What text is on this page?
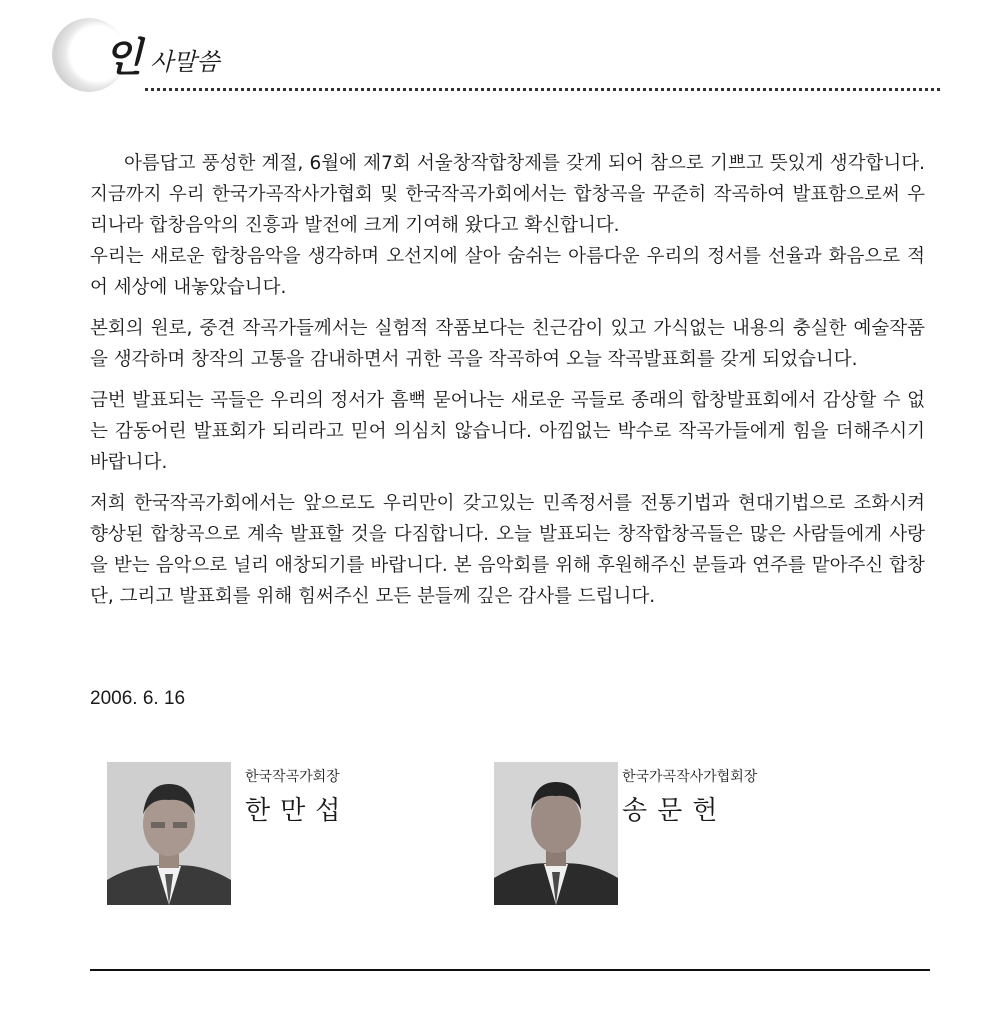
인 사말씀

아름답고 풍성한 계절, 6월에 제7회 서울창작합창제를 갖게 되어 참으로 기쁘고 뜻있게 생각합니다. 지금까지 우리 한국가곡작사가협회 및 한국작곡가회에서는 합창곡을 꾸준히 작곡하여 발표함으로써 우리나라 합창음악의 진흥과 발전에 크게 기여해 왔다고 확신합니다.

우리는 새로운 합창음악을 생각하며 오선지에 살아 숨쉬는 아름다운 우리의 정서를 선율과 화음으로 적어 세상에 내놓았습니다.

본회의 원로, 중견 작곡가들께서는 실험적 작품보다는 친근감이 있고 가식없는 내용의 충실한 예술작품을 생각하며 창작의 고통을 감내하면서 귀한 곡을 작곡하여 오늘 작곡발표회를 갖게 되었습니다.

금번 발표되는 곡들은 우리의 정서가 흠뻑 묻어나는 새로운 곡들로 종래의 합창발표회에서 감상할 수 없는 감동어린 발표회가 되리라고 믿어 의심치 않습니다. 아낌없는 박수로 작곡가들에게 힘을 더해주시기 바랍니다.

저희 한국작곡가회에서는 앞으로도 우리만이 갖고있는 민족정서를 전통기법과 현대기법으로 조화시켜 향상된 합창곡으로 계속 발표할 것을 다짐합니다. 오늘 발표되는 창작합창곡들은 많은 사람들에게 사랑을 받는 음악으로 널리 애창되기를 바랍니다. 본 음악회를 위해 후원해주신 분들과 연주를 맡아주신 합창단, 그리고 발표회를 위해 힘써주신 모든 분들께 깊은 감사를 드립니다.

2006. 6. 16
한국작곡가회장
한만섭
한국가곡작사가협회장
송문헌
